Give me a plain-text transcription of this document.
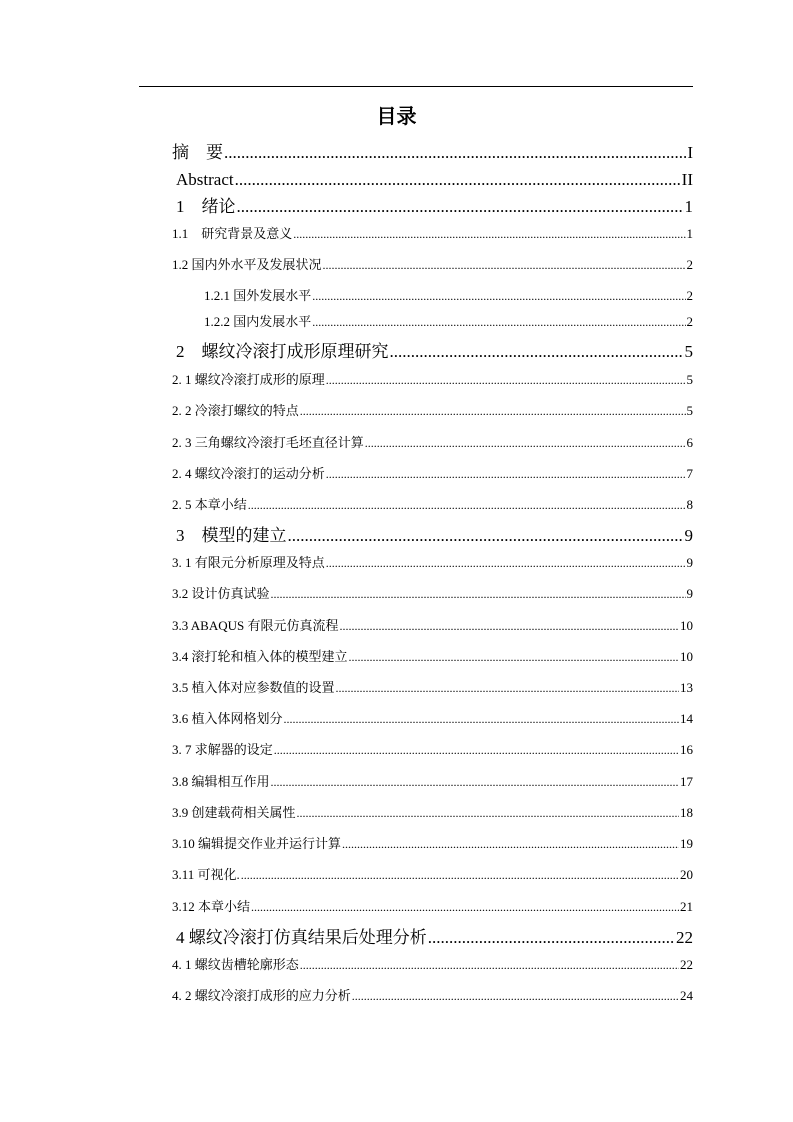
目录
摘　要 .....	I
Abstract .....	II
1　绪论 .....	1
1.1　研究背景及意义 .....	1
1.2 国内外水平及发展状况 .....	2
1.2.1 国外发展水平 .....	2
1.2.2 国内发展水平 .....	2
2　螺纹冷滚打成形原理研究 .....	5
2. 1 螺纹冷滚打成形的原理 .....	5
2. 2 冷滚打螺纹的特点 .....	5
2. 3 三角螺纹冷滚打毛坯直径计算 .....	6
2. 4 螺纹冷滚打的运动分析 .....	7
2. 5 本章小结 .....	8
3　模型的建立 .....	9
3. 1 有限元分析原理及特点 .....	9
3.2 设计仿真试验 .....	9
3.3 ABAQUS 有限元仿真流程 .....	10
3.4 滚打轮和植入体的模型建立 .....	10
3.5 植入体对应参数值的设置 .....	13
3.6 植入体网格划分 .....	14
3. 7 求解器的设定 .....	16
3.8 编辑相互作用 .....	17
3.9 创建载荷相关属性 .....	18
3.10 编辑提交作业并运行计算 .....	19
3.11 可视化. .....	20
3.12 本章小结 .....	21
4 螺纹冷滚打仿真结果后处理分析 .....	22
4. 1 螺纹齿槽轮廓形态 .....	22
4. 2 螺纹冷滚打成形的应力分析 .....	24
